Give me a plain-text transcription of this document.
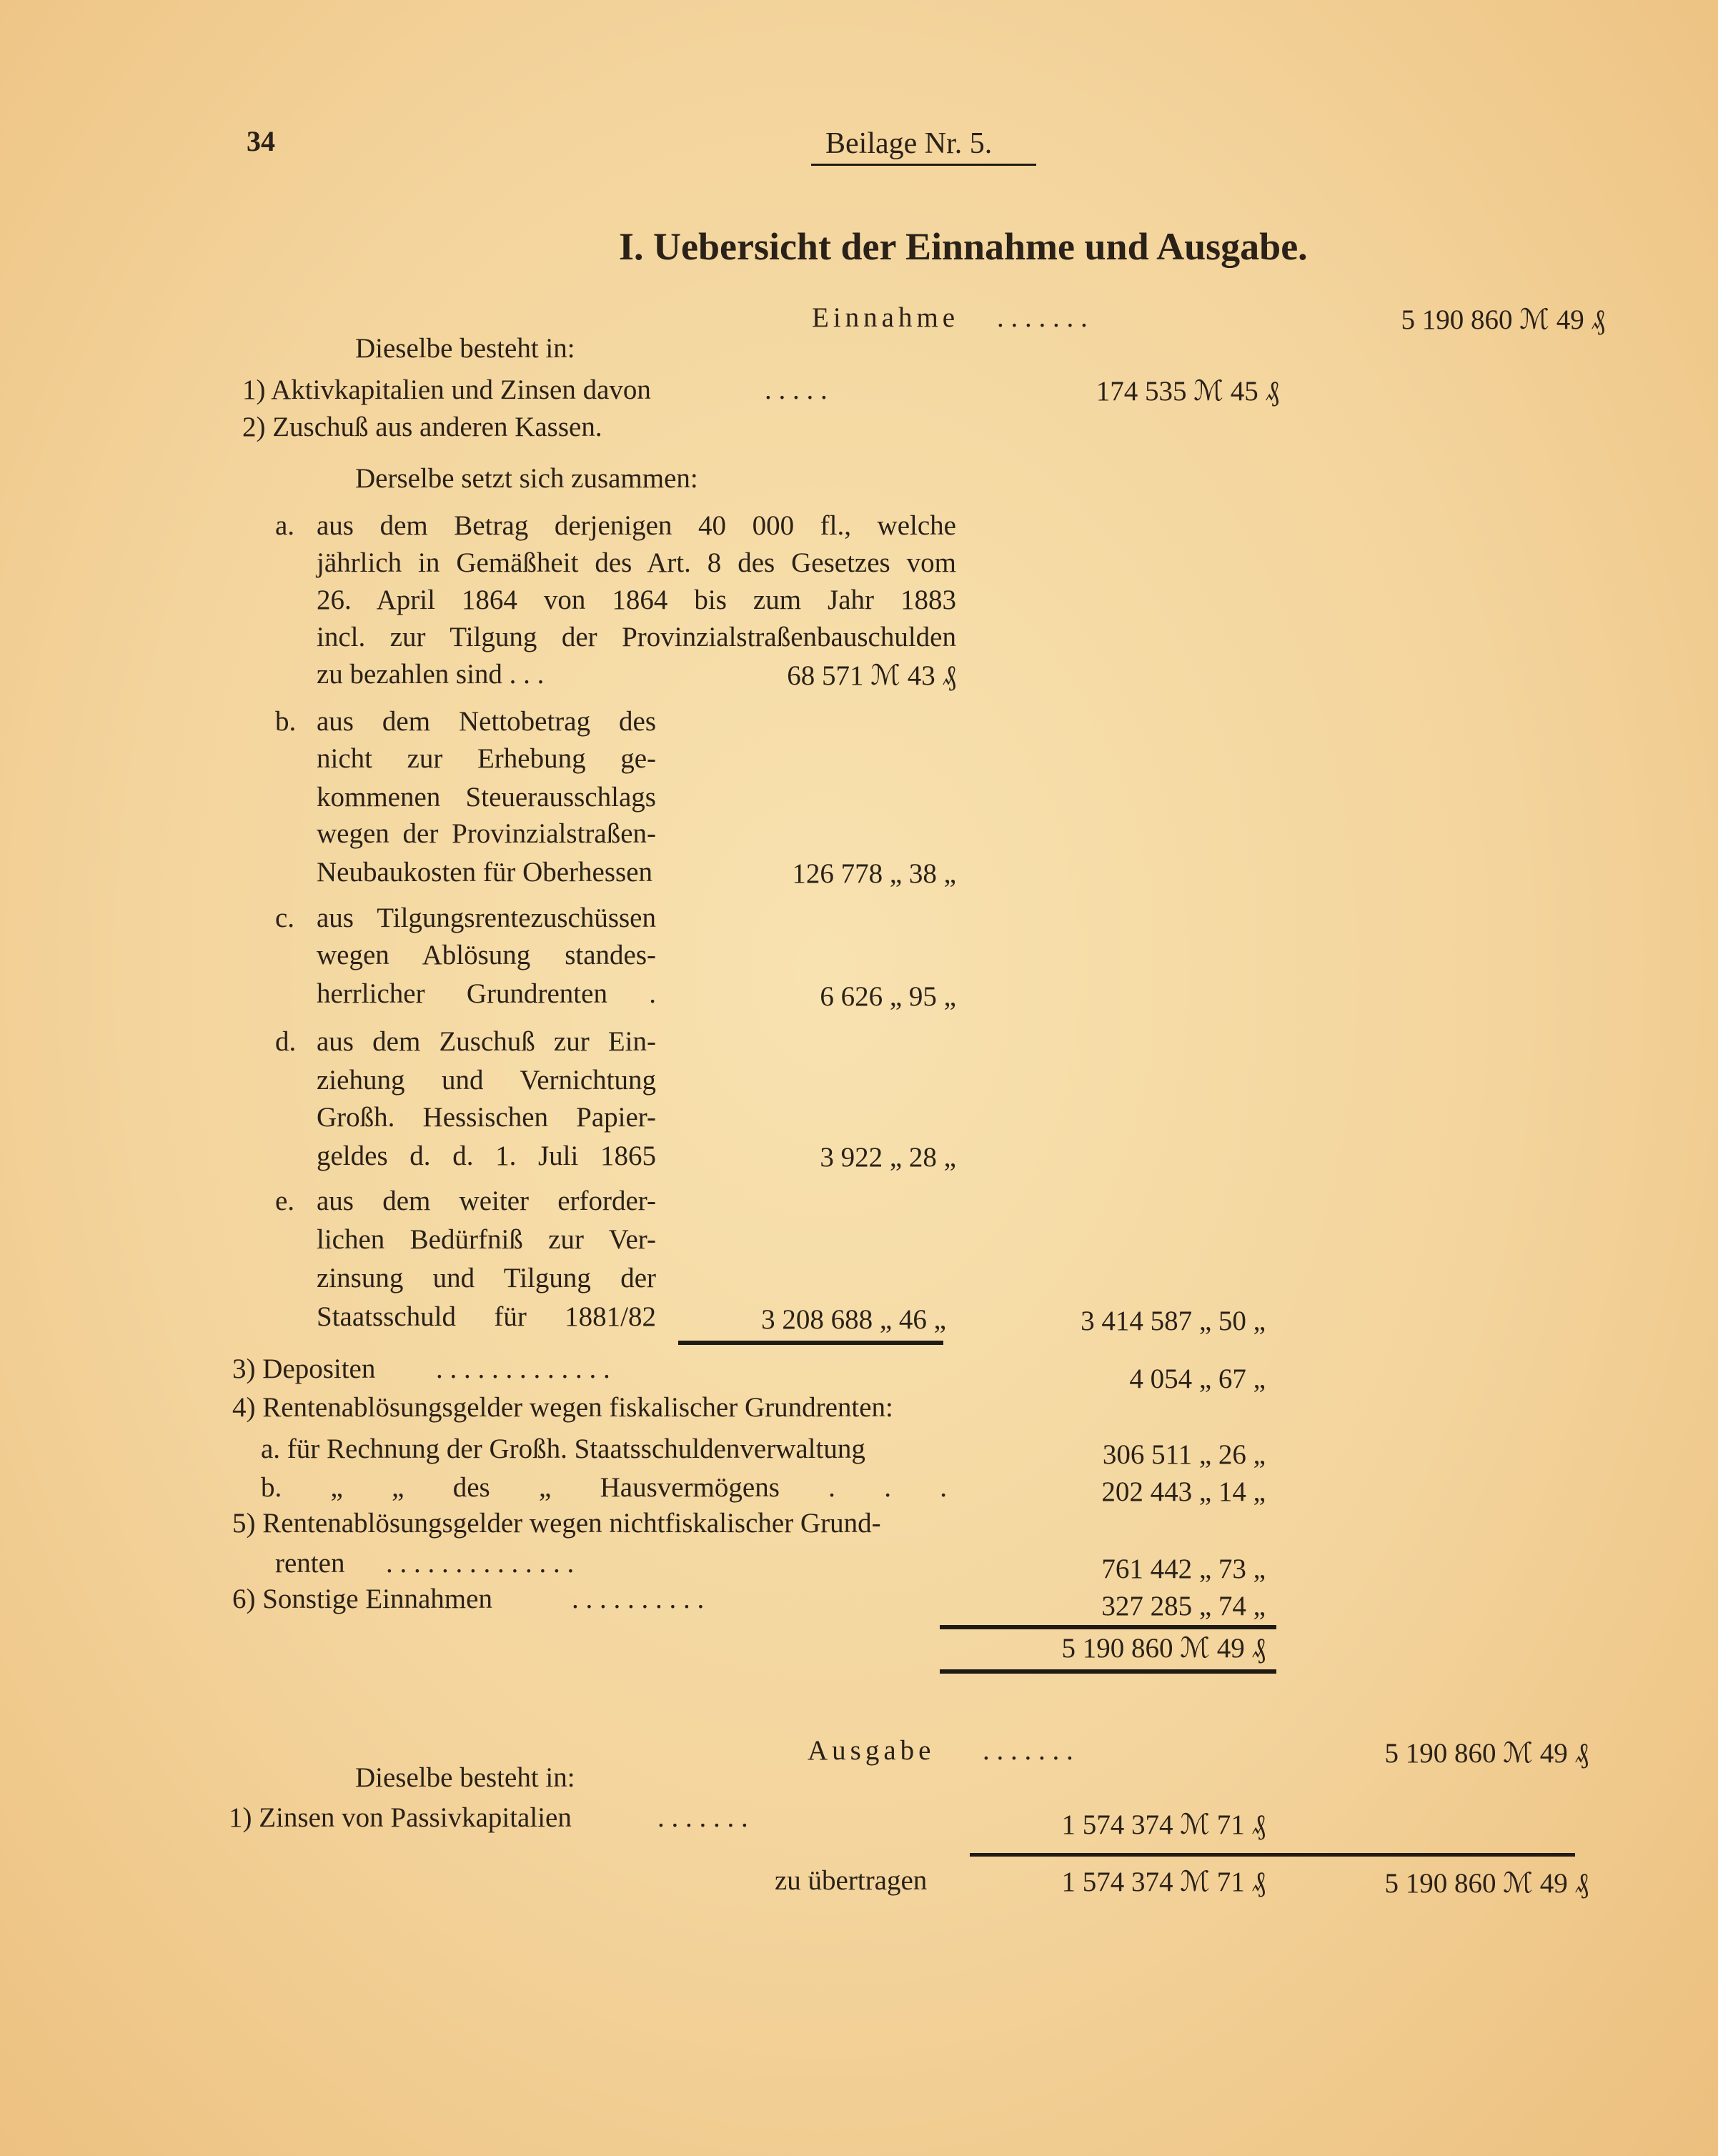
34	Beilage Nr. 5.
I. Uebersicht der Einnahme und Ausgabe.
Einnahme . . . . . . .	5 190 860 ℳ 49 ₰
Dieselbe besteht in:
1) Aktivkapitalien und Zinsen davon	. . . . .	174 535 ℳ 45 ₰
2) Zuschuß aus anderen Kassen.
Derselbe setzt sich zusammen:
a. aus dem Betrag derjenigen 40 000 fl., welche
jährlich in Gemäßheit des Art. 8 des Gesetzes vom
26. April 1864 von 1864 bis zum Jahr 1883
incl. zur Tilgung der Provinzialstraßenbauschulden
zu bezahlen sind . . .	68 571 ℳ 43 ₰
b. aus dem Nettobetrag des
nicht zur Erhebung ge-
kommenen Steuerausschlags
wegen der Provinzialstraßen-
Neubaukosten für Oberhessen	126 778 „ 38 „
c. aus Tilgungsrentezuschüssen
wegen Ablösung standes-
herrlicher Grundrenten .	6 626 „ 95 „
d. aus dem Zuschuß zur Ein-
ziehung und Vernichtung
Großh. Hessischen Papier-
geldes d. d. 1. Juli 1865	3 922 „ 28 „
e. aus dem weiter erforder-
lichen Bedürfniß zur Ver-
zinsung und Tilgung der
Staatsschuld für 1881/82	3 208 688 „ 46 „	3 414 587 „ 50 „
3) Depositen . . . . . . . . . . . . .	4 054 „ 67 „
4) Rentenablösungsgelder wegen fiskalischer Grundrenten:
a. für Rechnung der Großh. Staatsschuldenverwaltung	306 511 „ 26 „
b. „ „ des „ Hausvermögens . . .	202 443 „ 14 „
5) Rentenablösungsgelder wegen nichtfiskalischer Grund-
renten . . . . . . . . . . . . . .	761 442 „ 73 „
6) Sonstige Einnahmen	. . . . . . . . . .	327 285 „ 74 „
5 190 860 ℳ 49 ₰
Ausgabe . . . . . . .	5 190 860 ℳ 49 ₰
Dieselbe besteht in:
1) Zinsen von Passivkapitalien	. . . . . . .	1 574 374 ℳ 71 ₰
zu übertragen	1 574 374 ℳ 71 ₰	5 190 860 ℳ 49 ₰
